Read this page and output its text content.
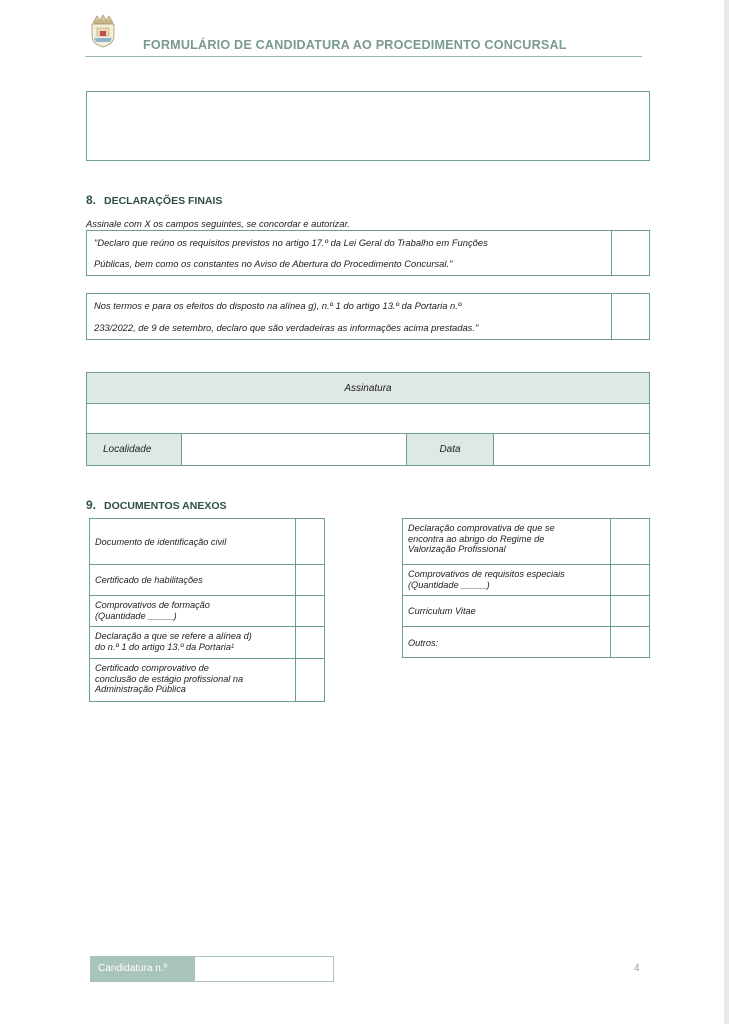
FORMULÁRIO DE CANDIDATURA AO PROCEDIMENTO CONCURSAL
8. DECLARAÇÕES FINAIS
Assinale com X os campos seguintes, se concordar e autorizar.
"Declaro que reúno os requisitos previstos no artigo 17.º da Lei Geral do Trabalho em Funções
Públicas, bem como os constantes no Aviso de Abertura do Procedimento Concursal."
Nos termos e para os efeitos do disposto na alínea g), n.º 1 do artigo 13.º da Portaria n.º
233/2022, de 9 de setembro, declaro que são verdadeiras as informações acima prestadas."
Assinatura
Localidade	Data
9. DOCUMENTOS ANEXOS
Documento de identificação civil
Certificado de habilitações
Comprovativos de formação
(Quantidade _____)
Declaração a que se refere a alínea d)
do n.º 1 do artigo 13.º da Portaria$^1$
Certificado comprovativo de
conclusão de estágio profissional na
Administração Pública
Declaração comprovativa de que se
encontra ao abrigo do Regime de
Valorização Profissional
Comprovativos de requisitos especiais
(Quantidade _____)
Curriculum Vitae
Outros:
Candidatura n.º	4
